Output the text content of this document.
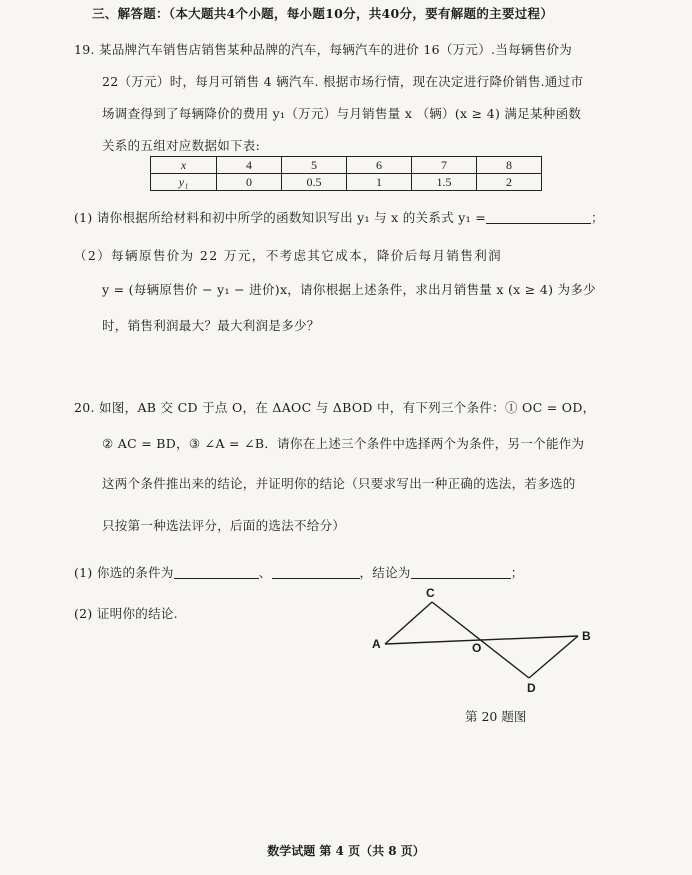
三、解答题：（本大题共4个小题，每小题10分，共40分，要有解题的主要过程）
19. 某品牌汽车销售店销售某种品牌的汽车，每辆汽车的进价 16（万元）.当每辆售价为
22（万元）时，每月可销售 4 辆汽车. 根据市场行情，现在决定进行降价销售.通过市
场调查得到了每辆降价的费用 y₁（万元）与月销售量 x （辆）(x ≥ 4) 满足某种函数
关系的五组对应数据如下表:
x	4	5	6	7	8
y₁	0	0.5	1	1.5	2
(1) 请你根据所给材料和初中所学的函数知识写出 y₁ 与 x 的关系式 y₁ =	；
（2）每辆原售价为 22 万元，不考虑其它成本，降价后每月销售利润
y = (每辆原售价 − y₁ − 进价)x，请你根据上述条件，求出月销售量 x (x ≥ 4) 为多少
时，销售利润最大？最大利润是多少？
20. 如图，AB 交 CD 于点 O，在 ΔAOC 与 ΔBOD 中，有下列三个条件：① OC = OD，
② AC = BD，③ ∠A = ∠B．请你在上述三个条件中选择两个为条件，另一个能作为
这两个条件推出来的结论，并证明你的结论（只要求写出一种正确的选法，若多选的
只按第一种选法评分，后面的选法不给分）
(1) 你选的条件为	、	，结论为	；
(2) 证明你的结论.
A
B
C
D
O
第 20 题图
数学试题 第 4 页（共 8 页）
